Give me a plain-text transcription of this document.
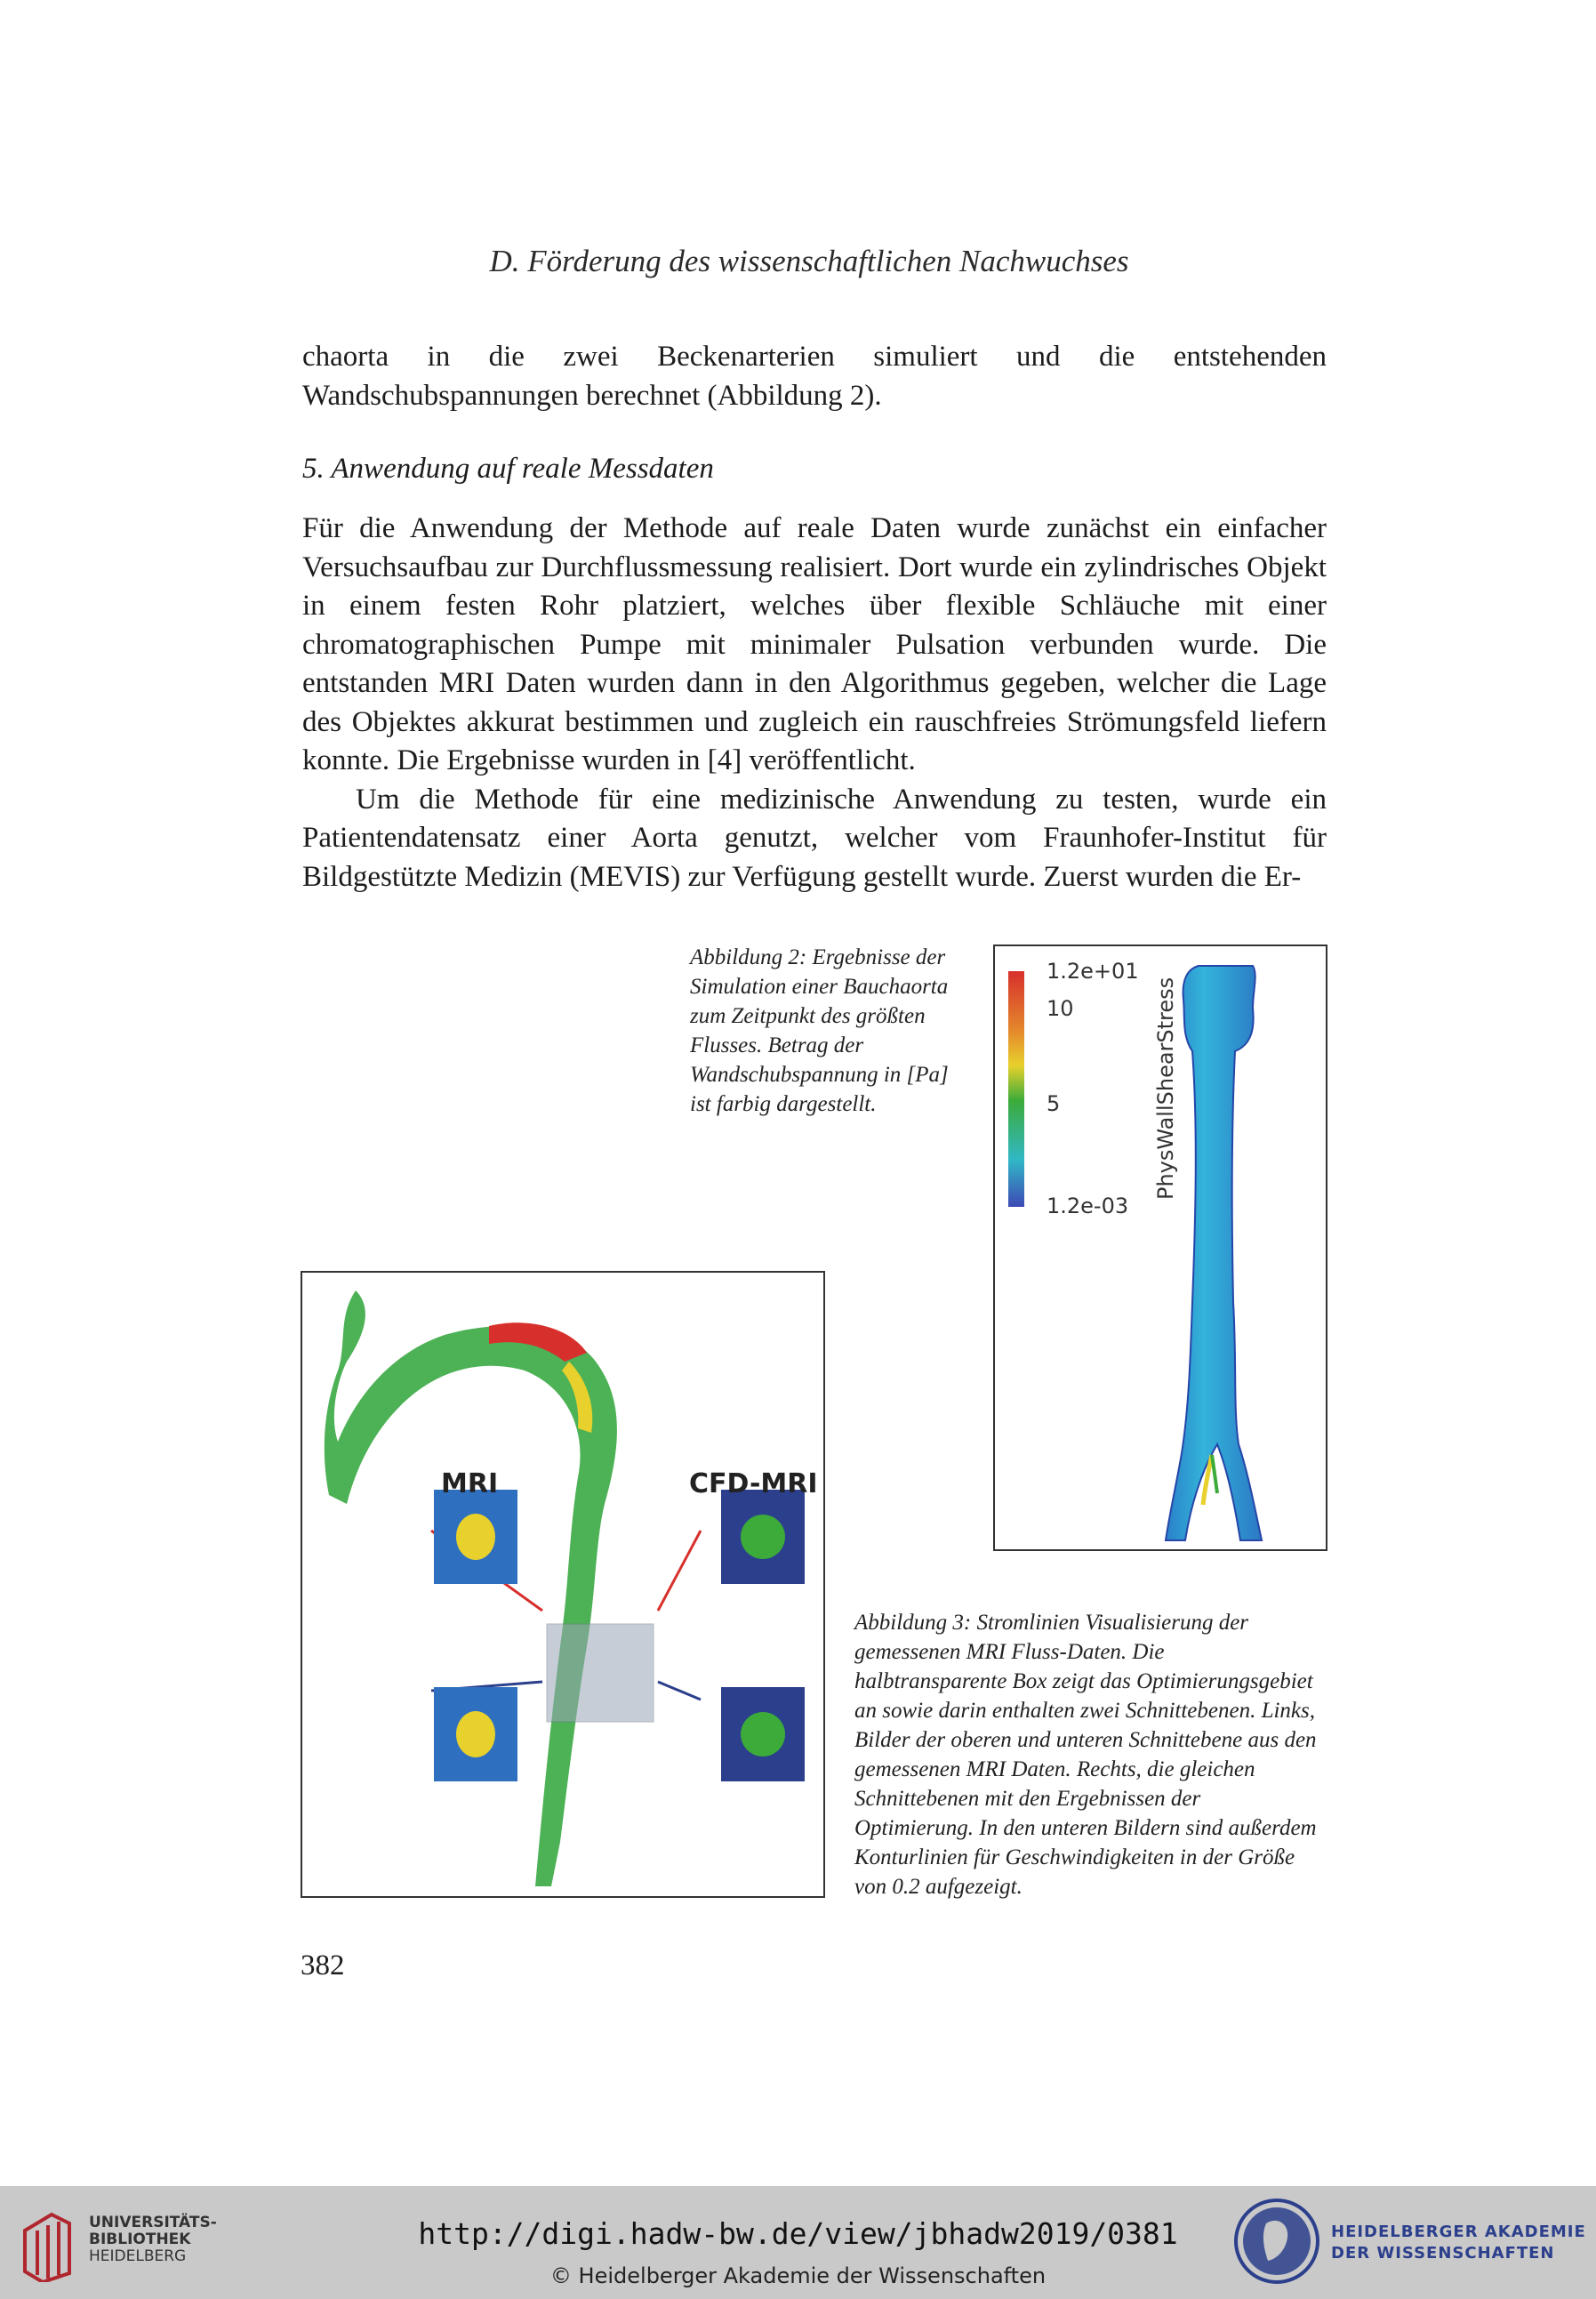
D. Förderung des wissenschaftlichen Nachwuchses

chaorta in die zwei Beckenarterien simuliert und die entstehenden Wandschubspannungen berechnet (Abbildung 2).

5. Anwendung auf reale Messdaten

Für die Anwendung der Methode auf reale Daten wurde zunächst ein einfacher Versuchsaufbau zur Durchflussmessung realisiert. Dort wurde ein zylindrisches Objekt in einem festen Rohr platziert, welches über flexible Schläuche mit einer chromatographischen Pumpe mit minimaler Pulsation verbunden wurde. Die entstanden MRI Daten wurden dann in den Algorithmus gegeben, welcher die Lage des Objektes akkurat bestimmen und zugleich ein rauschfreies Strömungsfeld liefern konnte. Die Ergebnisse wurden in [4] veröffentlicht.

Um die Methode für eine medizinische Anwendung zu testen, wurde ein Patientendatensatz einer Aorta genutzt, welcher vom Fraunhofer-Institut für Bildgestützte Medizin (MEVIS) zur Verfügung gestellt wurde. Zuerst wurden die Er-

Abbildung 2: Ergebnisse der Simulation einer Bauchaorta zum Zeitpunkt des größten Flusses. Betrag der Wandschubspannung in [Pa] ist farbig dargestellt.
1.2e+01
10
5
1.2e-03
PhysWallShearStress
MRI	CFD-MRI
Abbildung 3: Stromlinien Visualisierung der gemessenen MRI Fluss-Daten. Die halbtransparente Box zeigt das Optimierungsgebiet an sowie darin enthalten zwei Schnittebenen. Links, Bilder der oberen und unteren Schnittebene aus den gemessenen MRI Daten. Rechts, die gleichen Schnittebenen mit den Ergebnissen der Optimierung. In den unteren Bildern sind außerdem Konturlinien für Geschwindigkeiten in der Größe von 0.2 aufgezeigt.
382
UNIVERSITÄTS-
BIBLIOTHEK
HEIDELBERG
http://digi.hadw-bw.de/view/jbhadw2019/0381
© Heidelberger Akademie der Wissenschaften
HEIDELBERGER AKADEMIE
DER WISSENSCHAFTEN
